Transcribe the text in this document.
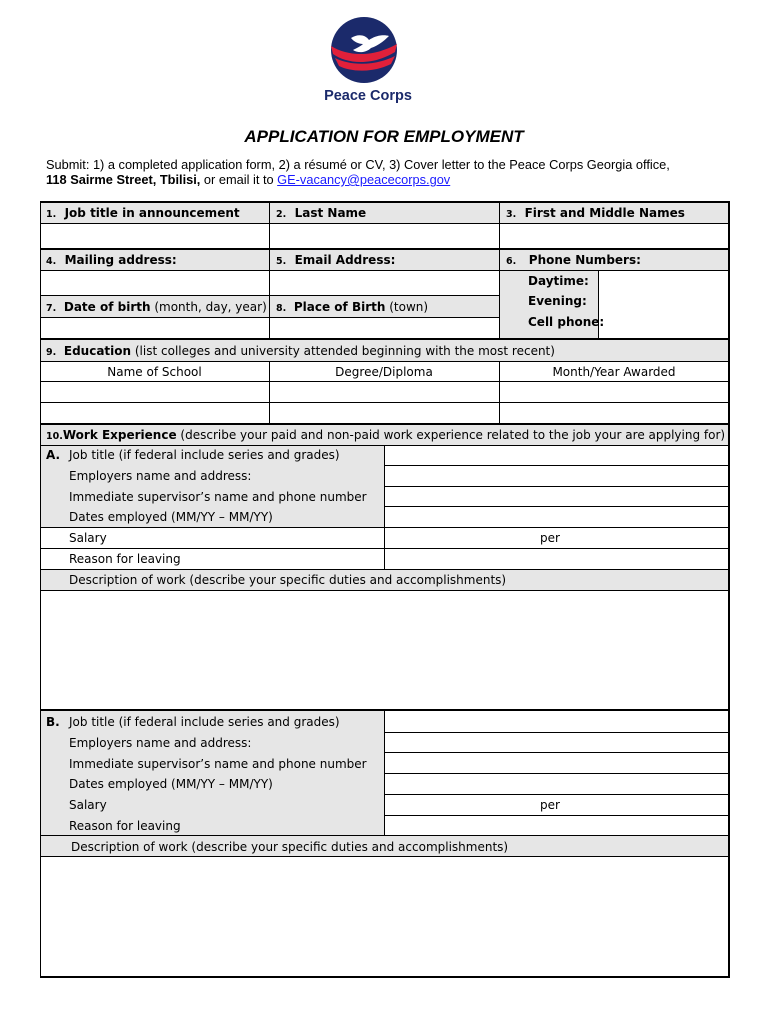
Peace Corps
APPLICATION FOR EMPLOYMENT
Submit: 1) a completed application form, 2) a résumé or CV, 3) Cover letter to the Peace Corps Georgia office,
118 Sairme Street, Tbilisi, or email it to GE-vacancy@peacecorps.gov
1. Job title in announcement	2. Last Name	3. First and Middle Names
4. Mailing address:	5. Email Address:	6. Phone Numbers:
Daytime:
Evening:
Cell phone:
7. Date of birth (month, day, year) 8. Place of Birth (town)
9. Education (list colleges and university attended beginning with the most recent)
Name of School	Degree/Diploma	Month/Year Awarded
10.Work Experience (describe your paid and non-paid work experience related to the job your are applying for)
A. Job title (if federal include series and grades)
Employers name and address:
Immediate supervisor’s name and phone number
Dates employed (MM/YY – MM/YY)
Salary	per
Reason for leaving
Description of work (describe your specific duties and accomplishments)
B. Job title (if federal include series and grades)
Employers name and address:
Immediate supervisor’s name and phone number
Dates employed (MM/YY – MM/YY)
Salary	per
Reason for leaving
Description of work (describe your specific duties and accomplishments)
